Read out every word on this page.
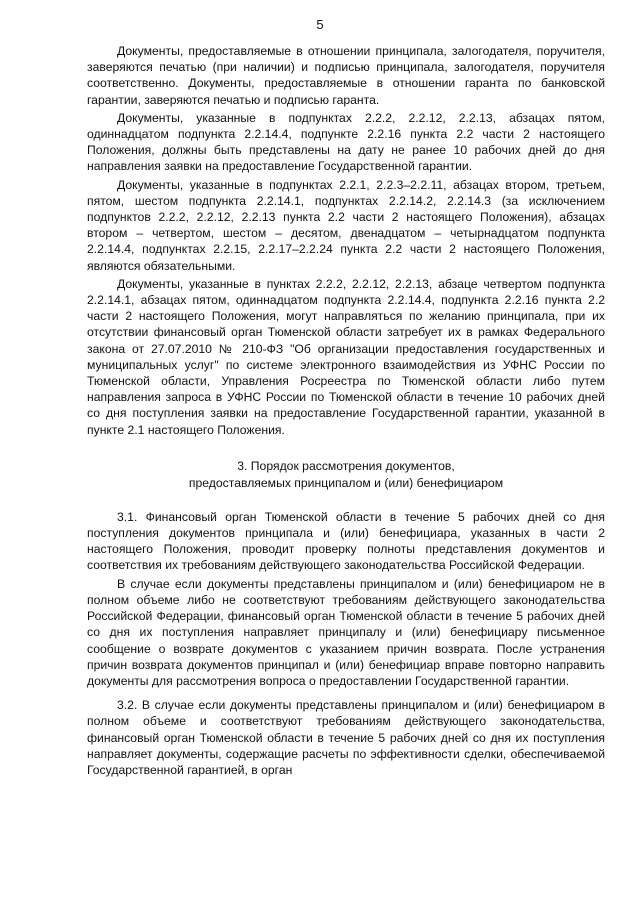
5

Документы, предоставляемые в отношении принципала, залогодателя, поручителя, заверяются печатью (при наличии) и подписью принципала, залогодателя, поручителя соответственно. Документы, предоставляемые в отношении гаранта по банковской гарантии, заверяются печатью и подписью гаранта.

Документы, указанные в подпунктах 2.2.2, 2.2.12, 2.2.13, абзацах пятом, одиннадцатом подпункта 2.2.14.4, подпункте 2.2.16 пункта 2.2 части 2 настоящего Положения, должны быть представлены на дату не ранее 10 рабочих дней до дня направления заявки на предоставление Государственной гарантии.

Документы, указанные в подпунктах 2.2.1, 2.2.3–2.2.11, абзацах втором, третьем, пятом, шестом подпункта 2.2.14.1, подпунктах 2.2.14.2, 2.2.14.3 (за исключением подпунктов 2.2.2, 2.2.12, 2.2.13 пункта 2.2 части 2 настоящего Положения), абзацах втором – четвертом, шестом – десятом, двенадцатом – четырнадцатом подпункта 2.2.14.4, подпунктах 2.2.15, 2.2.17–2.2.24 пункта 2.2 части 2 настоящего Положения, являются обязательными.

Документы, указанные в пунктах 2.2.2, 2.2.12, 2.2.13, абзаце четвертом подпункта 2.2.14.1, абзацах пятом, одиннадцатом подпункта 2.2.14.4, подпункта 2.2.16 пункта 2.2 части 2 настоящего Положения, могут направляться по желанию принципала, при их отсутствии финансовый орган Тюменской области затребует их в рамках Федерального закона от 27.07.2010 № 210-ФЗ "Об организации предоставления государственных и муниципальных услуг" по системе электронного взаимодействия из УФНС России по Тюменской области, Управления Росреестра по Тюменской области либо путем направления запроса в УФНС России по Тюменской области в течение 10 рабочих дней со дня поступления заявки на предоставление Государственной гарантии, указанной в пункте 2.1 настоящего Положения.

3. Порядок рассмотрения документов,
предоставляемых принципалом и (или) бенефициаром

3.1. Финансовый орган Тюменской области в течение 5 рабочих дней со дня поступления документов принципала и (или) бенефициара, указанных в части 2 настоящего Положения, проводит проверку полноты представления документов и соответствия их требованиям действующего законодательства Российской Федерации.

В случае если документы представлены принципалом и (или) бенефициаром не в полном объеме либо не соответствуют требованиям действующего законодательства Российской Федерации, финансовый орган Тюменской области в течение 5 рабочих дней со дня их поступления направляет принципалу и (или) бенефициару письменное сообщение о возврате документов с указанием причин возврата. После устранения причин возврата документов принципал и (или) бенефициар вправе повторно направить документы для рассмотрения вопроса о предоставлении Государственной гарантии.

3.2. В случае если документы представлены принципалом и (или) бенефициаром в полном объеме и соответствуют требованиям действующего законодательства, финансовый орган Тюменской области в течение 5 рабочих дней со дня их поступления направляет документы, содержащие расчеты по эффективности сделки, обеспечиваемой Государственной гарантией, в орган
